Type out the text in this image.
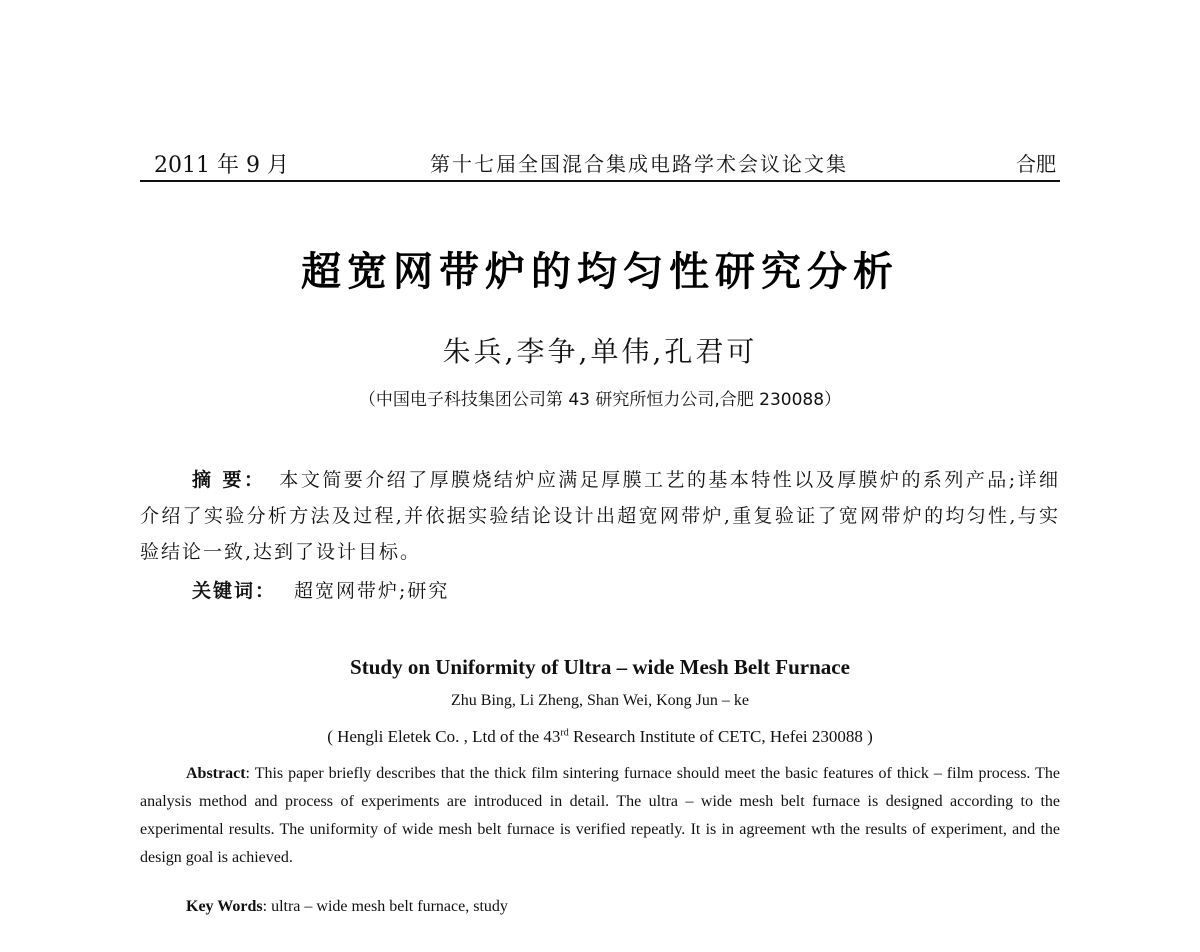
2011 年 9 月	第十七届全国混合集成电路学术会议论文集	合肥
超宽网带炉的均匀性研究分析
朱兵,李争,单伟,孔君可
（中国电子科技集团公司第 43 研究所恒力公司,合肥 230088）
摘 要： 本文简要介绍了厚膜烧结炉应满足厚膜工艺的基本特性以及厚膜炉的系列产品;详细介绍了实验分析方法及过程,并依据实验结论设计出超宽网带炉,重复验证了宽网带炉的均匀性,与实验结论一致,达到了设计目标。
关键词： 超宽网带炉;研究
Study on Uniformity of Ultra – wide Mesh Belt Furnace
Zhu Bing, Li Zheng, Shan Wei, Kong Jun – ke
( Hengli Eletek Co. , Ltd of the 43rd Research Institute of CETC, Hefei 230088 )
Abstract: This paper briefly describes that the thick film sintering furnace should meet the basic features of thick – film process. The analysis method and process of experiments are introduced in detail. The ultra – wide mesh belt furnace is designed according to the experimental results. The uniformity of wide mesh belt furnace is verified repeatly. It is in agreement wth the results of experiment, and the design goal is achieved.
Key Words: ultra – wide mesh belt furnace, study
